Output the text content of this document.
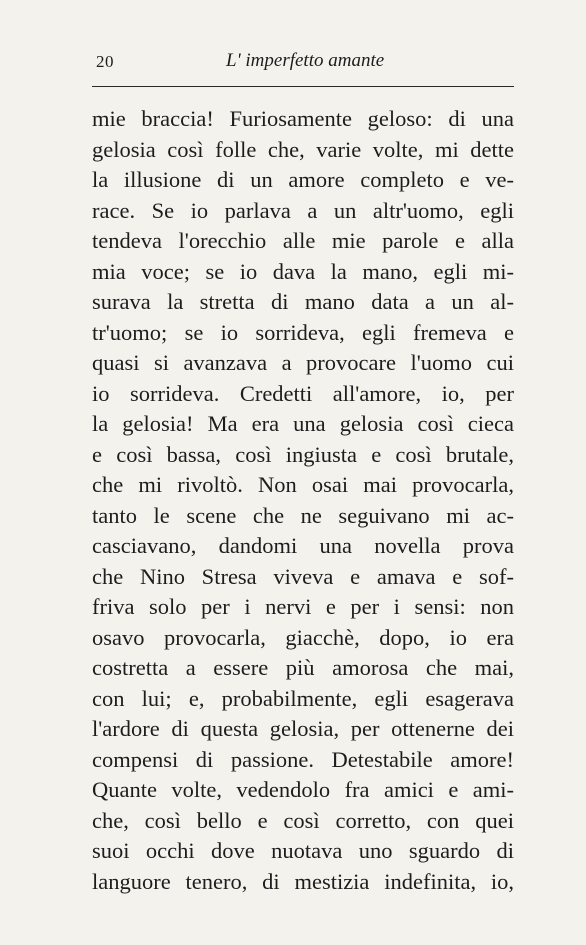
20	L' imperfetto amante
mie braccia! Furiosamente geloso: di una
gelosia così folle che, varie volte, mi dette
la illusione di un amore completo e ve-
race. Se io parlava a un altr'uomo, egli
tendeva l'orecchio alle mie parole e alla
mia voce; se io dava la mano, egli mi-
surava la stretta di mano data a un al-
tr'uomo; se io sorrideva, egli fremeva e
quasi si avanzava a provocare l'uomo cui
io sorrideva. Credetti all'amore, io, per
la gelosia! Ma era una gelosia così cieca
e così bassa, così ingiusta e così brutale,
che mi rivoltò. Non osai mai provocarla,
tanto le scene che ne seguivano mi ac-
casciavano, dandomi una novella prova
che Nino Stresa viveva e amava e sof-
friva solo per i nervi e per i sensi: non
osavo provocarla, giacchè, dopo, io era
costretta a essere più amorosa che mai,
con lui; e, probabilmente, egli esagerava
l'ardore di questa gelosia, per ottenerne dei
compensi di passione. Detestabile amore!
Quante volte, vedendolo fra amici e ami-
che, così bello e così corretto, con quei
suoi occhi dove nuotava uno sguardo di
languore tenero, di mestizia indefinita, io,
